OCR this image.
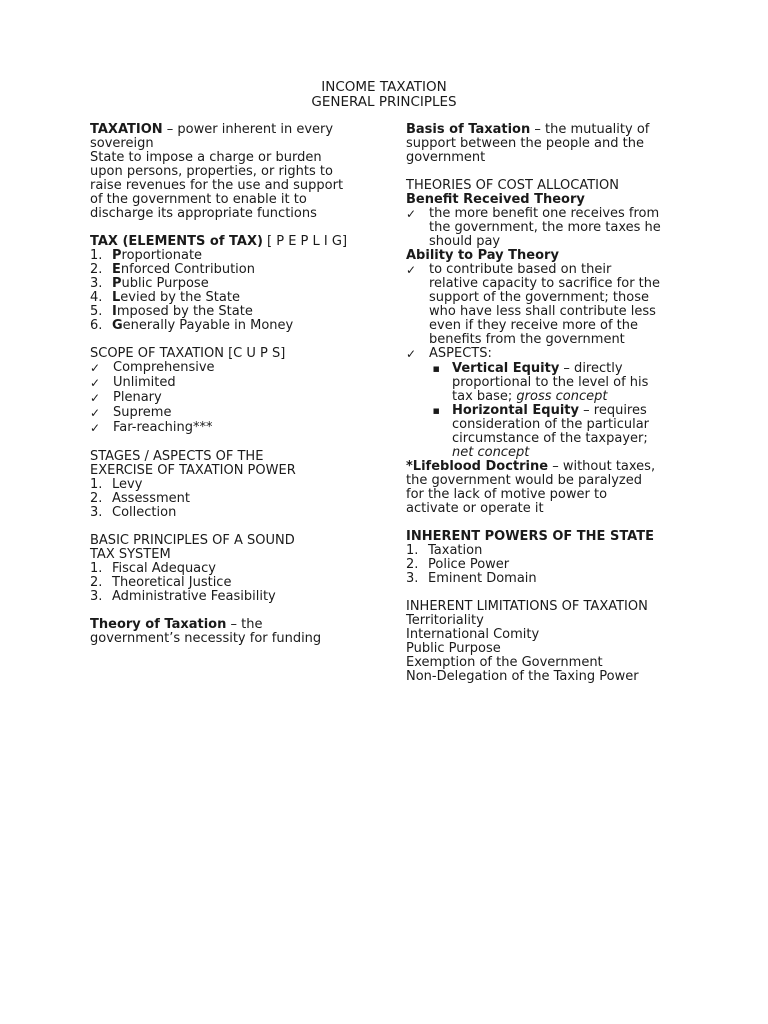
INCOME TAXATION
GENERAL PRINCIPLES
TAXATION – power inherent in every sovereign
State to impose a charge or burden
upon persons, properties, or rights to
raise revenues for the use and support
of the government to enable it to
discharge its appropriate functions
TAX (ELEMENTS of TAX) [ P E P L I G]
1. Proportionate
2. Enforced Contribution
3. Public Purpose
4. Levied by the State
5. Imposed by the State
6. Generally Payable in Money
SCOPE OF TAXATION [C U P S]
✓
Comprehensive
✓
Unlimited
✓
Plenary
✓
Supreme
✓
Far-reaching***
STAGES / ASPECTS OF THE
EXERCISE OF TAXATION POWER
1. Levy
2. Assessment
3. Collection
BASIC PRINCIPLES OF A SOUND
TAX SYSTEM
1. Fiscal Adequacy
2. Theoretical Justice
3. Administrative Feasibility
Theory of Taxation – the
government’s necessity for funding
Basis of Taxation – the mutuality of
support between the people and the
government
THEORIES OF COST ALLOCATION
Benefit Received Theory
✓
the more benefit one receives from
the government, the more taxes he
should pay
Ability to Pay Theory
✓
to contribute based on their
relative capacity to sacrifice for the
support of the government; those
who have less shall contribute less
even if they receive more of the
benefits from the government
✓
ASPECTS:
▪
Vertical Equity – directly
proportional to the level of his
tax base; gross concept
▪
Horizontal Equity – requires
consideration of the particular
circumstance of the taxpayer;
net concept
*Lifeblood Doctrine – without taxes,
the government would be paralyzed
for the lack of motive power to
activate or operate it
INHERENT POWERS OF THE STATE
1. Taxation
2. Police Power
3. Eminent Domain
INHERENT LIMITATIONS OF TAXATION
Territoriality
International Comity
Public Purpose
Exemption of the Government
Non-Delegation of the Taxing Power
